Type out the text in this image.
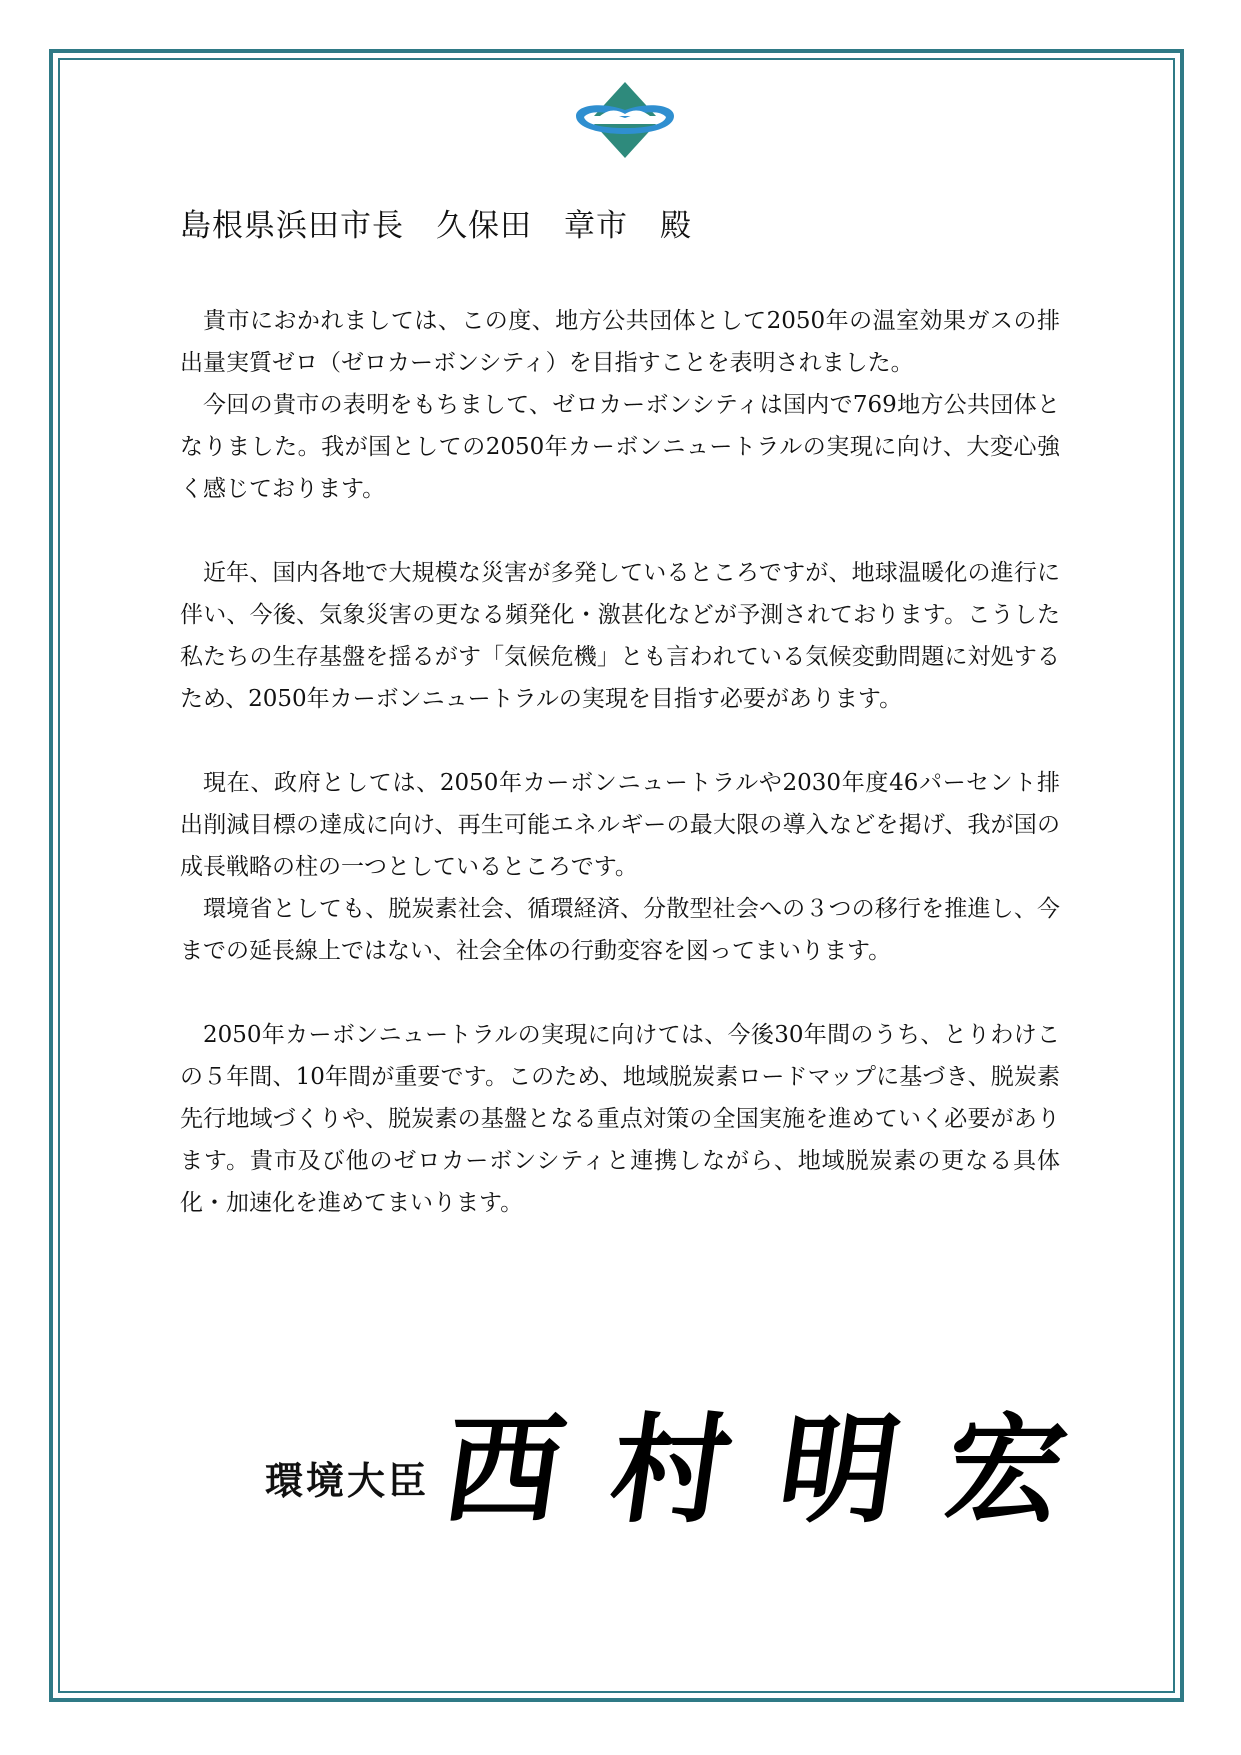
島根県浜田市長　久保田　章市　殿

貴市におかれましては、この度、地方公共団体として2050年の温室効果ガスの排出量実質ゼロ（ゼロカーボンシティ）を目指すことを表明されました。

今回の貴市の表明をもちまして、ゼロカーボンシティは国内で769地方公共団体となりました。我が国としての2050年カーボンニュートラルの実現に向け、大変心強く感じております。

近年、国内各地で大規模な災害が多発しているところですが、地球温暖化の進行に伴い、今後、気象災害の更なる頻発化・激甚化などが予測されております。こうした私たちの生存基盤を揺るがす「気候危機」とも言われている気候変動問題に対処するため、2050年カーボンニュートラルの実現を目指す必要があります。

現在、政府としては、2050年カーボンニュートラルや2030年度46パーセント排出削減目標の達成に向け、再生可能エネルギーの最大限の導入などを掲げ、我が国の成長戦略の柱の一つとしているところです。

環境省としても、脱炭素社会、循環経済、分散型社会への３つの移行を推進し、今までの延長線上ではない、社会全体の行動変容を図ってまいります。

2050年カーボンニュートラルの実現に向けては、今後30年間のうち、とりわけこの５年間、10年間が重要です。このため、地域脱炭素ロードマップに基づき、脱炭素先行地域づくりや、脱炭素の基盤となる重点対策の全国実施を進めていく必要があります。貴市及び他のゼロカーボンシティと連携しながら、地域脱炭素の更なる具体化・加速化を進めてまいります。

環境大臣 西 村 明 宏
